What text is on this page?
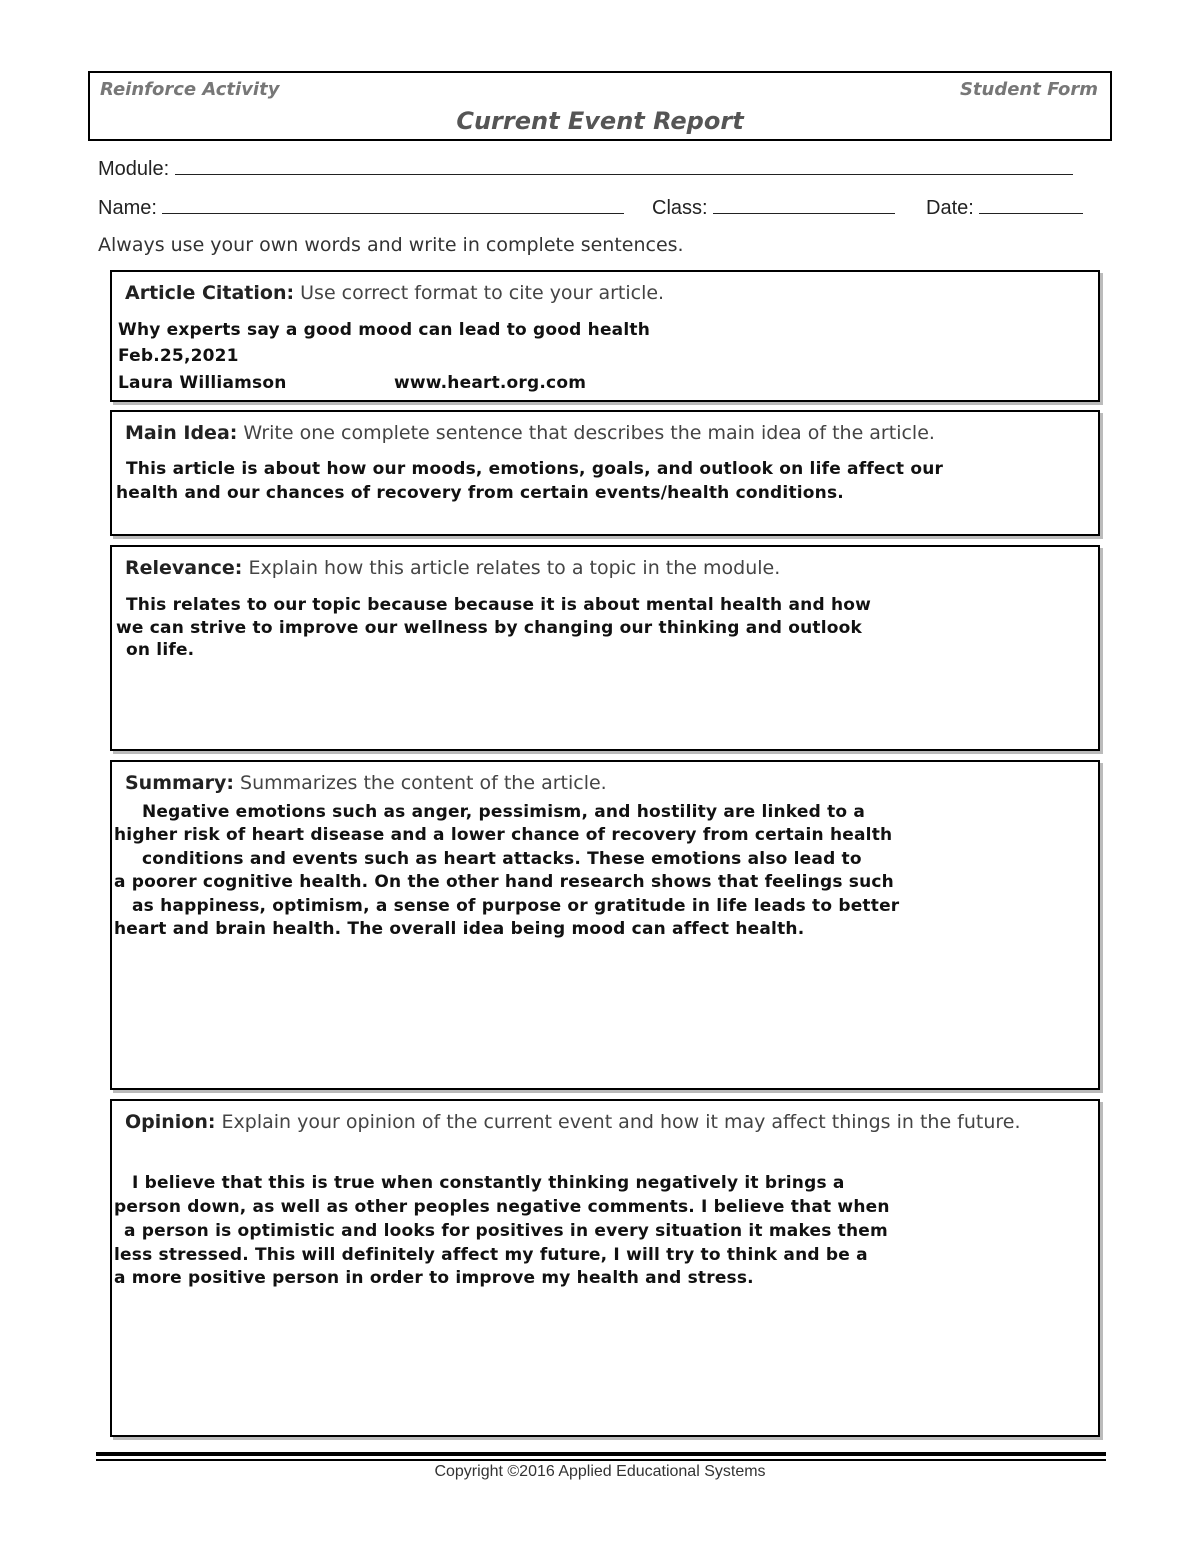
Reinforce Activity	Student Form
Current Event Report
Module:
Name:	Class:	Date:
Always use your own words and write in complete sentences.
Article Citation: Use correct format to cite your article.
Why experts say a good mood can lead to good health
Feb.25,2021
Laura Williamson	www.heart.org.com
Main Idea: Write one complete sentence that describes the main idea of the article.
This article is about how our moods, emotions, goals, and outlook on life affect our
health and our chances of recovery from certain events/health conditions.
Relevance: Explain how this article relates to a topic in the module.
This relates to our topic because because it is about mental health and how
we can strive to improve our wellness by changing our thinking and outlook
on life.
Summary: Summarizes the content of the article.
Negative emotions such as anger, pessimism, and hostility are linked to a
higher risk of heart disease and a lower chance of recovery from certain health
conditions and events such as heart attacks. These emotions also lead to
a poorer cognitive health. On the other hand research shows that feelings such
as happiness, optimism, a sense of purpose or gratitude in life leads to better
heart and brain health. The overall idea being mood can affect health.
Opinion: Explain your opinion of the current event and how it may affect things in the future.
I believe that this is true when constantly thinking negatively it brings a
person down, as well as other peoples negative comments. I believe that when
a person is optimistic and looks for positives in every situation it makes them
less stressed. This will definitely affect my future, I will try to think and be a
a more positive person in order to improve my health and stress.
Copyright ©2016 Applied Educational Systems
